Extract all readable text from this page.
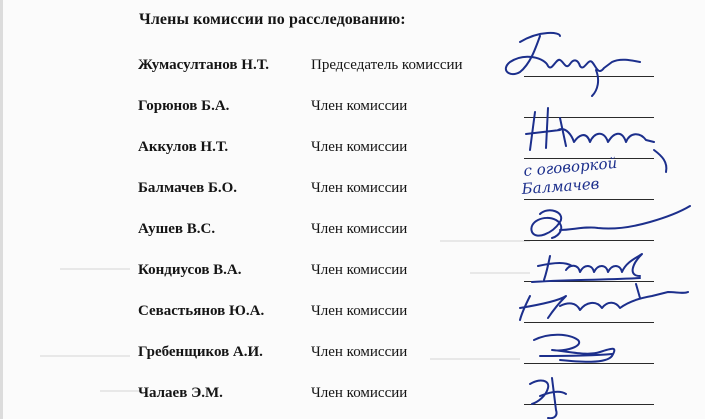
Члены комиссии по расследованию:
Жумасултанов Н.Т.	Председатель комиссии
Горюнов Б.А.	Член комиссии
Аккулов Н.Т.	Член комиссии
Балмачев Б.О.	Член комиссии
Аушев В.С.	Член комиссии
Кондиусов В.А.	Член комиссии
Севастьянов Ю.А.	Член комиссии
Гребенщиков А.И.	Член комиссии
Чалаев Э.М.	Член комиссии
с оговоркой
Балмачев
